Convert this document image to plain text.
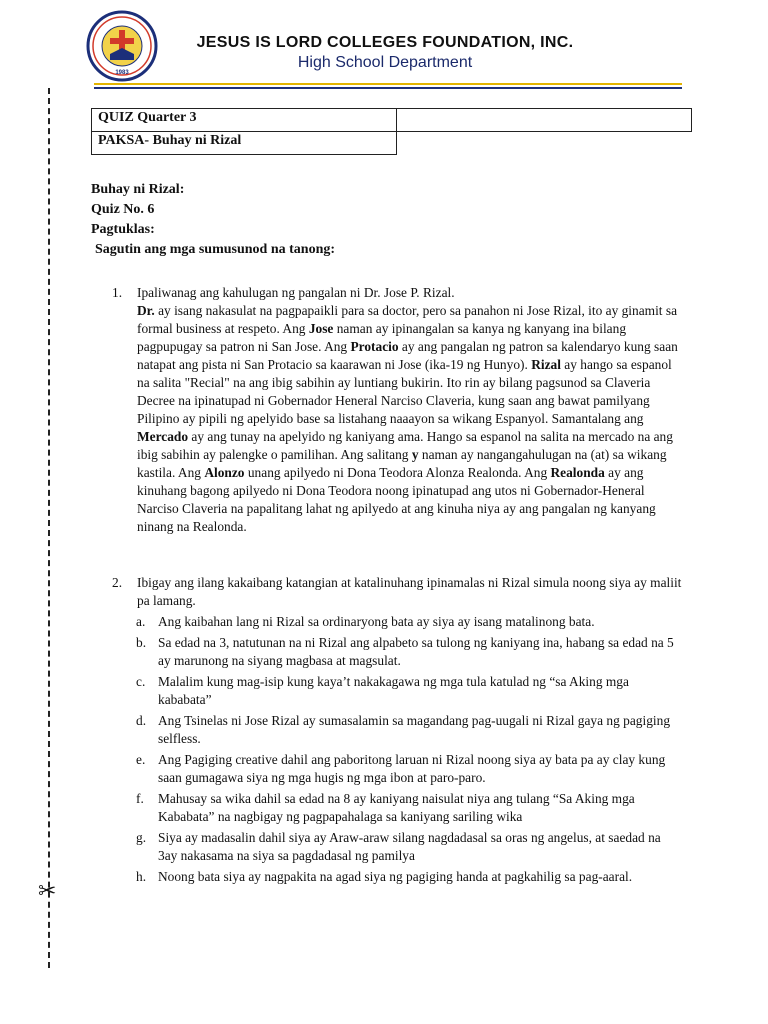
1983
JESUS IS LORD COLLEGES FOUNDATION, INC.
High School Department
✂
QUIZ Quarter 3	
PAKSA- Buhay ni Rizal
Buhay ni Rizal:
Quiz No. 6
Pagtuklas:
Sagutin ang mga sumusunod na tanong:
1. Ipaliwanag ang kahulugan ng pangalan ni Dr. Jose P. Rizal.
Dr. ay isang nakasulat na pagpapaikli para sa doctor, pero sa panahon ni Jose Rizal, ito ay ginamit sa formal business at respeto. Ang Jose naman ay ipinangalan sa kanya ng kanyang ina bilang pagpupugay sa patron ni San Jose. Ang Protacio ay ang pangalan ng patron sa kalendaryo kung saan natapat ang pista ni San Protacio sa kaarawan ni Jose (ika-19 ng Hunyo). Rizal ay hango sa espanol na salita "Recial" na ang ibig sabihin ay luntiang bukirin. Ito rin ay bilang pagsunod sa Claveria Decree na ipinatupad ni Gobernador Heneral Narciso Claveria, kung saan ang bawat pamilyang Pilipino ay pipili ng apelyido base sa listahang naaayon sa wikang Espanyol. Samantalang ang Mercado ay ang tunay na apelyido ng kaniyang ama. Hango sa espanol na salita na mercado na ang ibig sabihin ay palengke o pamilihan. Ang salitang y naman ay nangangahulugan na (at) sa wikang kastila. Ang Alonzo unang apilyedo ni Dona Teodora Alonza Realonda. Ang Realonda ay ang kinuhang bagong apilyedo ni Dona Teodora noong ipinatupad ang utos ni Gobernador-Heneral Narciso Claveria na papalitang lahat ng apilyedo at ang kinuha niya ay ang pangalan ng kanyang ninang na Realonda.
2. Ibigay ang ilang kakaibang katangian at katalinuhang ipinamalas ni Rizal simula noong siya ay maliit pa lamang.
a. Ang kaibahan lang ni Rizal sa ordinaryong bata ay siya ay isang matalinong bata.
b. Sa edad na 3, natutunan na ni Rizal ang alpabeto sa tulong ng kaniyang ina, habang sa edad na 5 ay marunong na siyang magbasa at magsulat.
c. Malalim kung mag-isip kung kaya’t nakakagawa ng mga tula katulad ng “sa Aking mga kababata”
d. Ang Tsinelas ni Jose Rizal ay sumasalamin sa magandang pag-uugali ni Rizal gaya ng pagiging selfless.
e. Ang Pagiging creative dahil ang paboritong laruan ni Rizal noong siya ay bata pa ay clay kung saan gumagawa siya ng mga hugis ng mga ibon at paro-paro.
f. Mahusay sa wika dahil sa edad na 8 ay kaniyang naisulat niya ang tulang “Sa Aking mga Kababata” na nagbigay ng pagpapahalaga sa kaniyang sariling wika
g. Siya ay madasalin dahil siya ay Araw-araw silang nagdadasal sa oras ng angelus, at saedad na 3ay nakasama na siya sa pagdadasal ng pamilya
h. Noong bata siya ay nagpakita na agad siya ng pagiging handa at pagkahilig sa pag-aaral.
